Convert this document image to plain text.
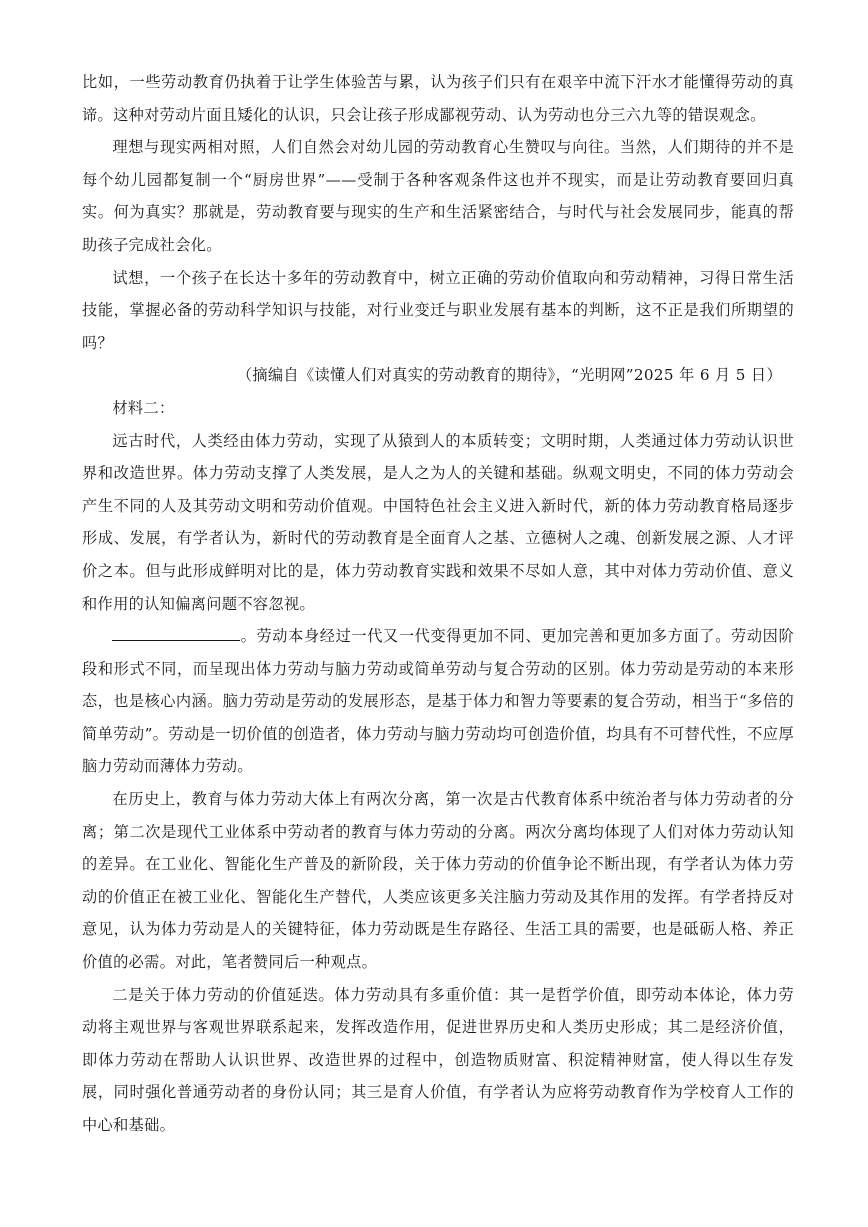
比如，一些劳动教育仍执着于让学生体验苦与累，认为孩子们只有在艰辛中流下汗水才能懂得劳动的真谛。这种对劳动片面且矮化的认识，只会让孩子形成鄙视劳动、认为劳动也分三六九等的错误观念。

理想与现实两相对照，人们自然会对幼儿园的劳动教育心生赞叹与向往。当然，人们期待的并不是每个幼儿园都复制一个“厨房世界”——受制于各种客观条件这也并不现实，而是让劳动教育要回归真实。何为真实？那就是，劳动教育要与现实的生产和生活紧密结合，与时代与社会发展同步，能真的帮助孩子完成社会化。

试想，一个孩子在长达十多年的劳动教育中，树立正确的劳动价值取向和劳动精神，习得日常生活技能，掌握必备的劳动科学知识与技能，对行业变迁与职业发展有基本的判断，这不正是我们所期望的吗？

（摘编自《读懂人们对真实的劳动教育的期待》，“光明网”2025 年 6 月 5 日）

材料二：

远古时代，人类经由体力劳动，实现了从猿到人的本质转变；文明时期，人类通过体力劳动认识世界和改造世界。体力劳动支撑了人类发展，是人之为人的关键和基础。纵观文明史，不同的体力劳动会产生不同的人及其劳动文明和劳动价值观。中国特色社会主义进入新时代，新的体力劳动教育格局逐步形成、发展，有学者认为，新时代的劳动教育是全面育人之基、立德树人之魂、创新发展之源、人才评价之本。但与此形成鲜明对比的是，体力劳动教育实践和效果不尽如人意，其中对体力劳动价值、意义和作用的认知偏离问题不容忽视。

。劳动本身经过一代又一代变得更加不同、更加完善和更加多方面了。劳动因阶段和形式不同，而呈现出体力劳动与脑力劳动或简单劳动与复合劳动的区别。体力劳动是劳动的本来形态，也是核心内涵。脑力劳动是劳动的发展形态，是基于体力和智力等要素的复合劳动，相当于“多倍的简单劳动”。劳动是一切价值的创造者，体力劳动与脑力劳动均可创造价值，均具有不可替代性，不应厚脑力劳动而薄体力劳动。

在历史上，教育与体力劳动大体上有两次分离，第一次是古代教育体系中统治者与体力劳动者的分离；第二次是现代工业体系中劳动者的教育与体力劳动的分离。两次分离均体现了人们对体力劳动认知的差异。在工业化、智能化生产普及的新阶段，关于体力劳动的价值争论不断出现，有学者认为体力劳动的价值正在被工业化、智能化生产替代，人类应该更多关注脑力劳动及其作用的发挥。有学者持反对意见，认为体力劳动是人的关键特征，体力劳动既是生存路径、生活工具的需要，也是砥砺人格、养正价值的必需。对此，笔者赞同后一种观点。

二是关于体力劳动的价值延迭。体力劳动具有多重价值：其一是哲学价值，即劳动本体论，体力劳动将主观世界与客观世界联系起来，发挥改造作用，促进世界历史和人类历史形成；其二是经济价值，即体力劳动在帮助人认识世界、改造世界的过程中，创造物质财富、积淀精神财富，使人得以生存发展，同时强化普通劳动者的身份认同；其三是育人价值，有学者认为应将劳动教育作为学校育人工作的中心和基础。
